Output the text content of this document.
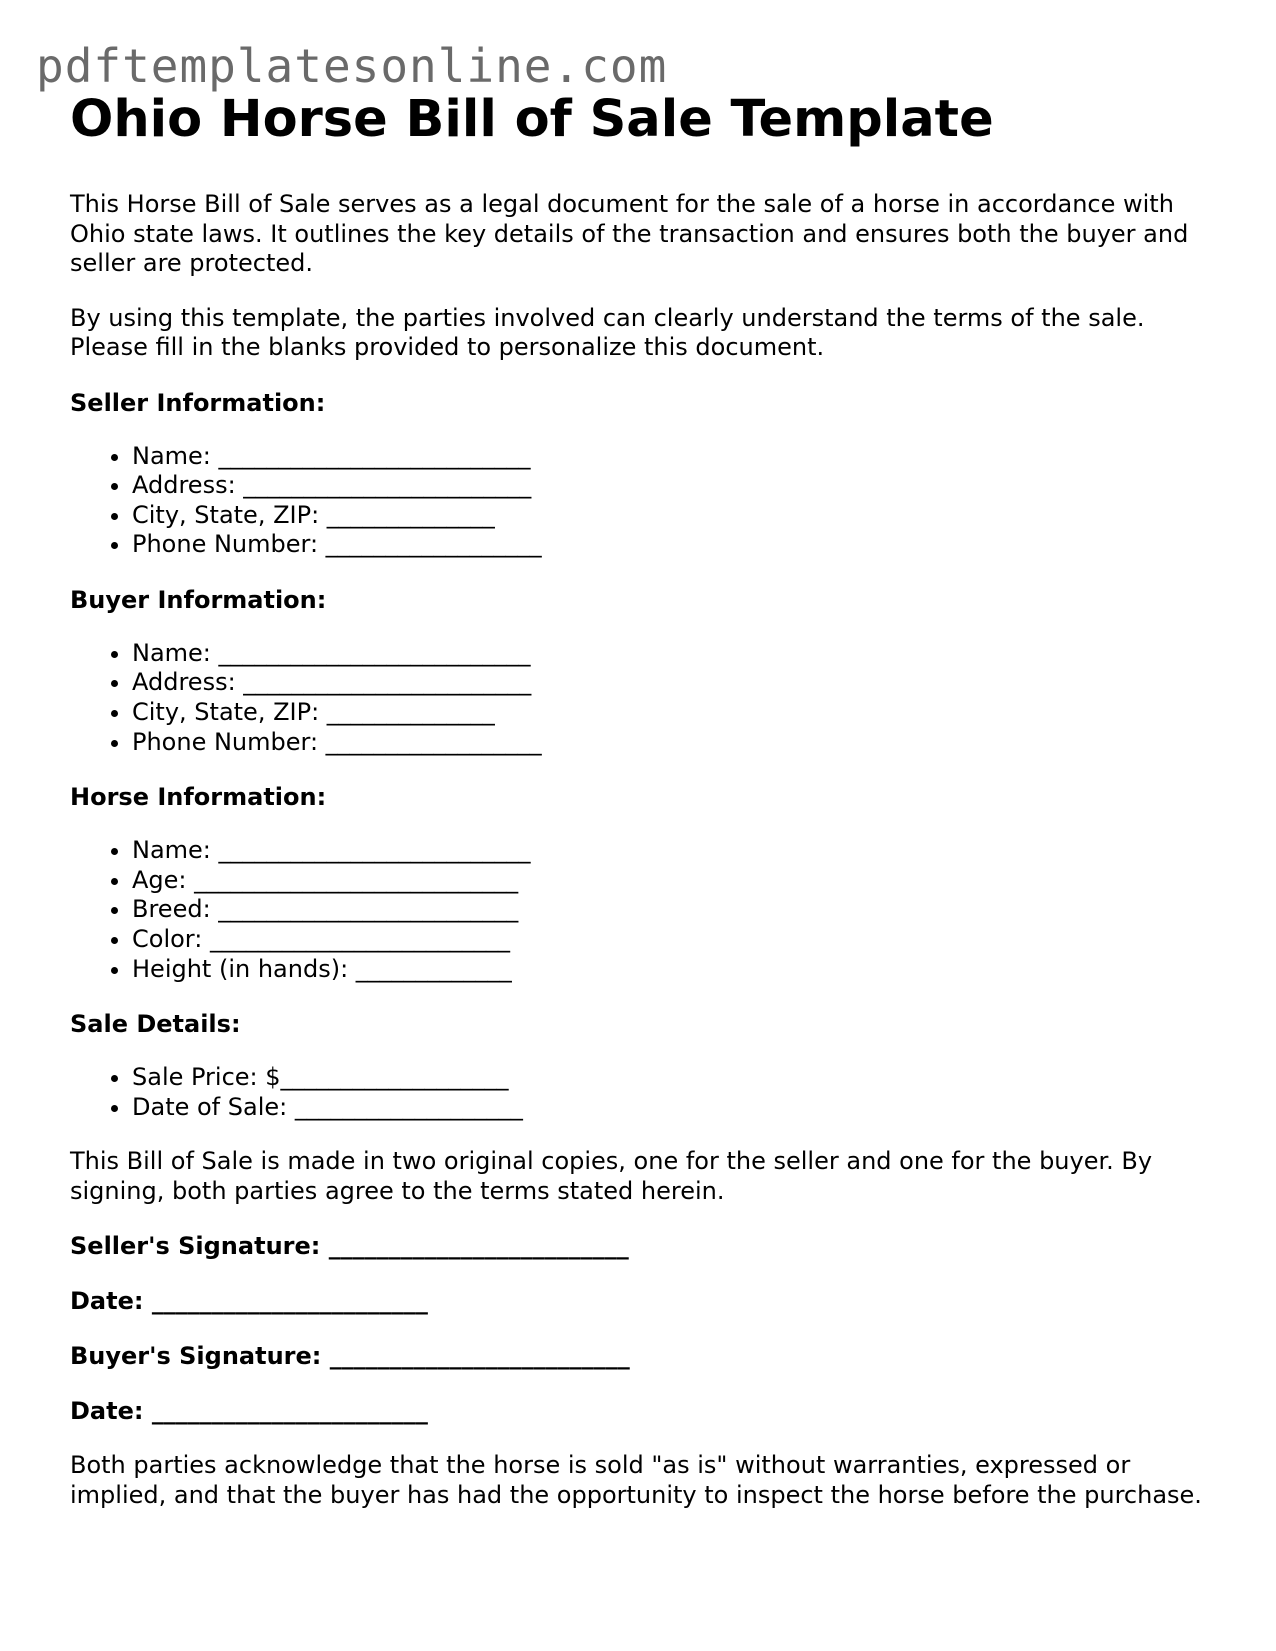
pdftemplatesonline.com
Ohio Horse Bill of Sale Template

This Horse Bill of Sale serves as a legal document for the sale of a horse in accordance with Ohio state laws. It outlines the key details of the transaction and ensures both the buyer and seller are protected.

By using this template, the parties involved can clearly understand the terms of the sale. Please fill in the blanks provided to personalize this document.

Seller Information:
• Name: __________________________
• Address: ________________________
• City, State, ZIP: ______________
• Phone Number: __________________
Buyer Information:
• Name: __________________________
• Address: ________________________
• City, State, ZIP: ______________
• Phone Number: __________________
Horse Information:
• Name: __________________________
• Age: ___________________________
• Breed: _________________________
• Color: _________________________
• Height (in hands): _____________
Sale Details:
• Sale Price: $___________________
• Date of Sale: ___________________

This Bill of Sale is made in two original copies, one for the seller and one for the buyer. By signing, both parties agree to the terms stated herein.

Seller's Signature: _________________________
Date: _______________________
Buyer's Signature: _________________________
Date: _______________________

Both parties acknowledge that the horse is sold "as is" without warranties, expressed or implied, and that the buyer has had the opportunity to inspect the horse before the purchase.
